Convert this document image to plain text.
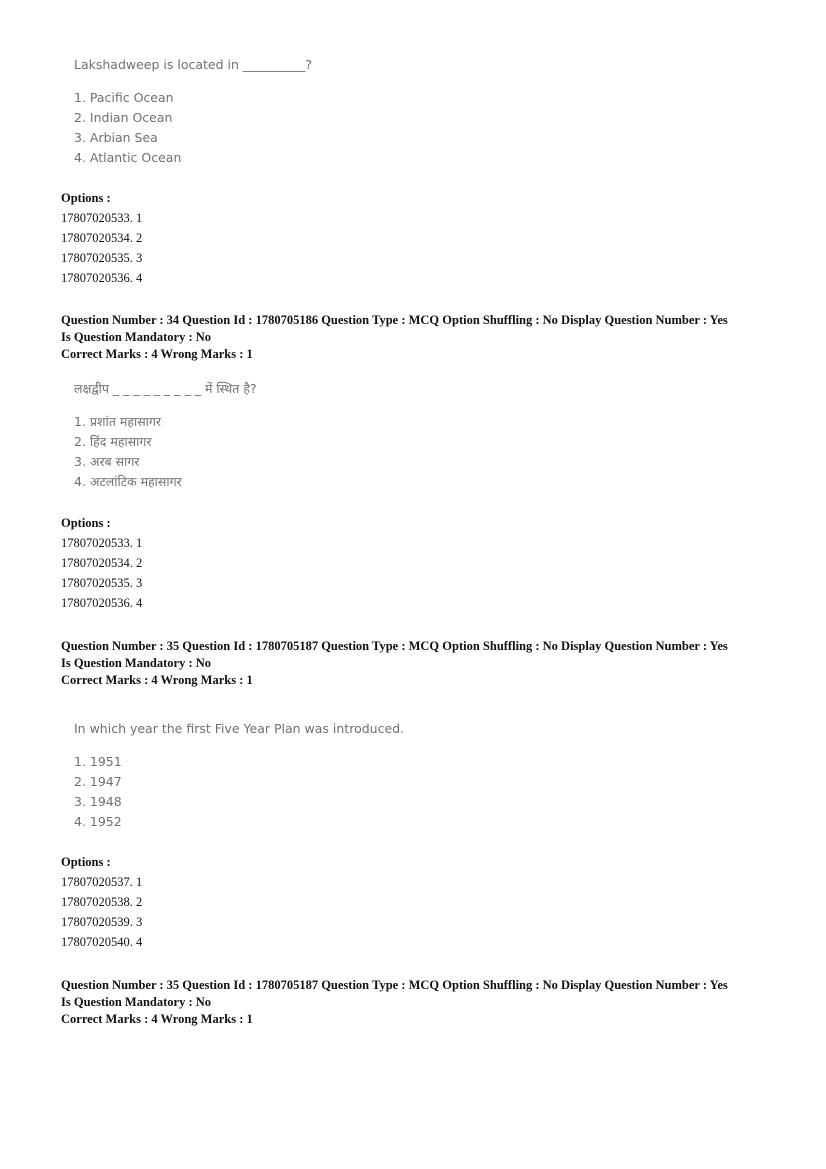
Lakshadweep is located in __________?
1. Pacific Ocean
2. Indian Ocean
3. Arbian Sea
4. Atlantic Ocean
Options :
17807020533. 1
17807020534. 2
17807020535. 3
17807020536. 4
Question Number : 34 Question Id : 1780705186 Question Type : MCQ Option Shuffling : No Display Question Number : Yes
Is Question Mandatory : No
Correct Marks : 4 Wrong Marks : 1
लक्षद्वीप _ _ _ _ _ _ _ _ _ में स्थित है?
1. प्रशांत महासागर
2. हिंद महासागर
3. अरब सागर
4. अटलांटिक महासागर
Options :
17807020533. 1
17807020534. 2
17807020535. 3
17807020536. 4
Question Number : 35 Question Id : 1780705187 Question Type : MCQ Option Shuffling : No Display Question Number : Yes
Is Question Mandatory : No
Correct Marks : 4 Wrong Marks : 1
In which year the first Five Year Plan was introduced.
1. 1951
2. 1947
3. 1948
4. 1952
Options :
17807020537. 1
17807020538. 2
17807020539. 3
17807020540. 4
Question Number : 35 Question Id : 1780705187 Question Type : MCQ Option Shuffling : No Display Question Number : Yes
Is Question Mandatory : No
Correct Marks : 4 Wrong Marks : 1
